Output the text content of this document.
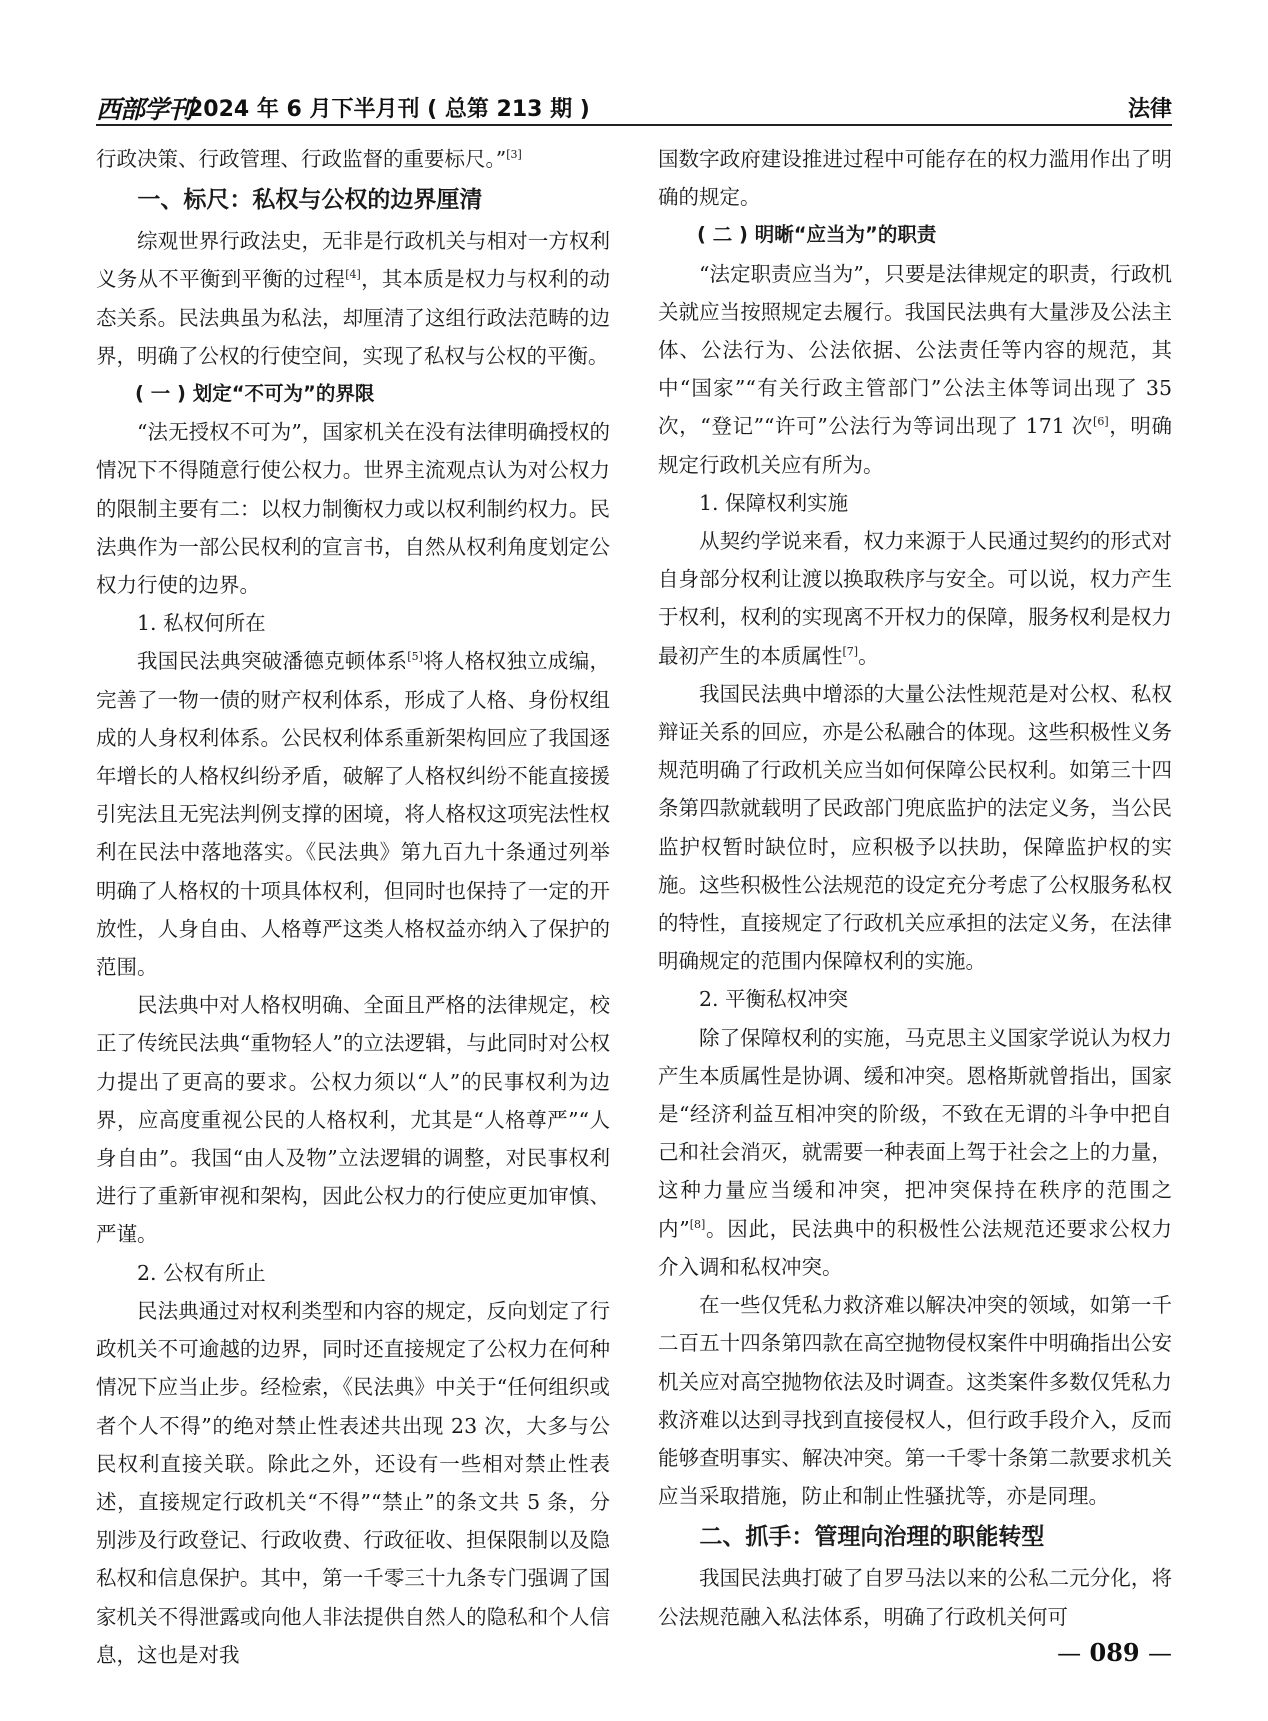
西部学刊
2024 年 6 月下半月刊 ( 总第 213 期 )	法律

行政决策、行政管理、行政监督的重要标尺。”[3]

一、标尺：私权与公权的边界厘清

综观世界行政法史，无非是行政机关与相对一方权利义务从不平衡到平衡的过程[4]，其本质是权力与权利的动态关系。民法典虽为私法，却厘清了这组行政法范畴的边界，明确了公权的行使空间，实现了私权与公权的平衡。

( 一 ) 划定“不可为”的界限

“法无授权不可为”，国家机关在没有法律明确授权的情况下不得随意行使公权力。世界主流观点认为对公权力的限制主要有二：以权力制衡权力或以权利制约权力。民法典作为一部公民权利的宣言书，自然从权利角度划定公权力行使的边界。

1. 私权何所在

我国民法典突破潘德克顿体系[5]将人格权独立成编，完善了一物一债的财产权利体系，形成了人格、身份权组成的人身权利体系。公民权利体系重新架构回应了我国逐年增长的人格权纠纷矛盾，破解了人格权纠纷不能直接援引宪法且无宪法判例支撑的困境，将人格权这项宪法性权利在民法中落地落实。《民法典》第九百九十条通过列举明确了人格权的十项具体权利，但同时也保持了一定的开放性，人身自由、人格尊严这类人格权益亦纳入了保护的范围。

民法典中对人格权明确、全面且严格的法律规定，校正了传统民法典“重物轻人”的立法逻辑，与此同时对公权力提出了更高的要求。公权力须以“人”的民事权利为边界，应高度重视公民的人格权利，尤其是“人格尊严”“人身自由”。我国“由人及物”立法逻辑的调整，对民事权利进行了重新审视和架构，因此公权力的行使应更加审慎、严谨。

2. 公权有所止

民法典通过对权利类型和内容的规定，反向划定了行政机关不可逾越的边界，同时还直接规定了公权力在何种情况下应当止步。经检索，《民法典》中关于“任何组织或者个人不得”的绝对禁止性表述共出现 23 次，大多与公民权利直接关联。除此之外，还设有一些相对禁止性表述，直接规定行政机关“不得”“禁止”的条文共 5 条，分别涉及行政登记、行政收费、行政征收、担保限制以及隐私权和信息保护。其中，第一千零三十九条专门强调了国家机关不得泄露或向他人非法提供自然人的隐私和个人信息，这也是对我

国数字政府建设推进过程中可能存在的权力滥用作出了明确的规定。

( 二 ) 明晰“应当为”的职责

“法定职责应当为”，只要是法律规定的职责，行政机关就应当按照规定去履行。我国民法典有大量涉及公法主体、公法行为、公法依据、公法责任等内容的规范，其中“国家”“有关行政主管部门”公法主体等词出现了 35 次，“登记”“许可”公法行为等词出现了 171 次[6]，明确规定行政机关应有所为。

1. 保障权利实施

从契约学说来看，权力来源于人民通过契约的形式对自身部分权利让渡以换取秩序与安全。可以说，权力产生于权利，权利的实现离不开权力的保障，服务权利是权力最初产生的本质属性[7]。

我国民法典中增添的大量公法性规范是对公权、私权辩证关系的回应，亦是公私融合的体现。这些积极性义务规范明确了行政机关应当如何保障公民权利。如第三十四条第四款就载明了民政部门兜底监护的法定义务，当公民监护权暂时缺位时，应积极予以扶助，保障监护权的实施。这些积极性公法规范的设定充分考虑了公权服务私权的特性，直接规定了行政机关应承担的法定义务，在法律明确规定的范围内保障权利的实施。

2. 平衡私权冲突

除了保障权利的实施，马克思主义国家学说认为权力产生本质属性是协调、缓和冲突。恩格斯就曾指出，国家是“经济利益互相冲突的阶级，不致在无谓的斗争中把自己和社会消灭，就需要一种表面上驾于社会之上的力量，这种力量应当缓和冲突，把冲突保持在秩序的范围之内”[8]。因此，民法典中的积极性公法规范还要求公权力介入调和私权冲突。

在一些仅凭私力救济难以解决冲突的领域，如第一千二百五十四条第四款在高空抛物侵权案件中明确指出公安机关应对高空抛物依法及时调查。这类案件多数仅凭私力救济难以达到寻找到直接侵权人，但行政手段介入，反而能够查明事实、解决冲突。第一千零十条第二款要求机关应当采取措施，防止和制止性骚扰等，亦是同理。

二、抓手：管理向治理的职能转型

我国民法典打破了自罗马法以来的公私二元分化，将公法规范融入私法体系，明确了行政机关何可

— 089 —
